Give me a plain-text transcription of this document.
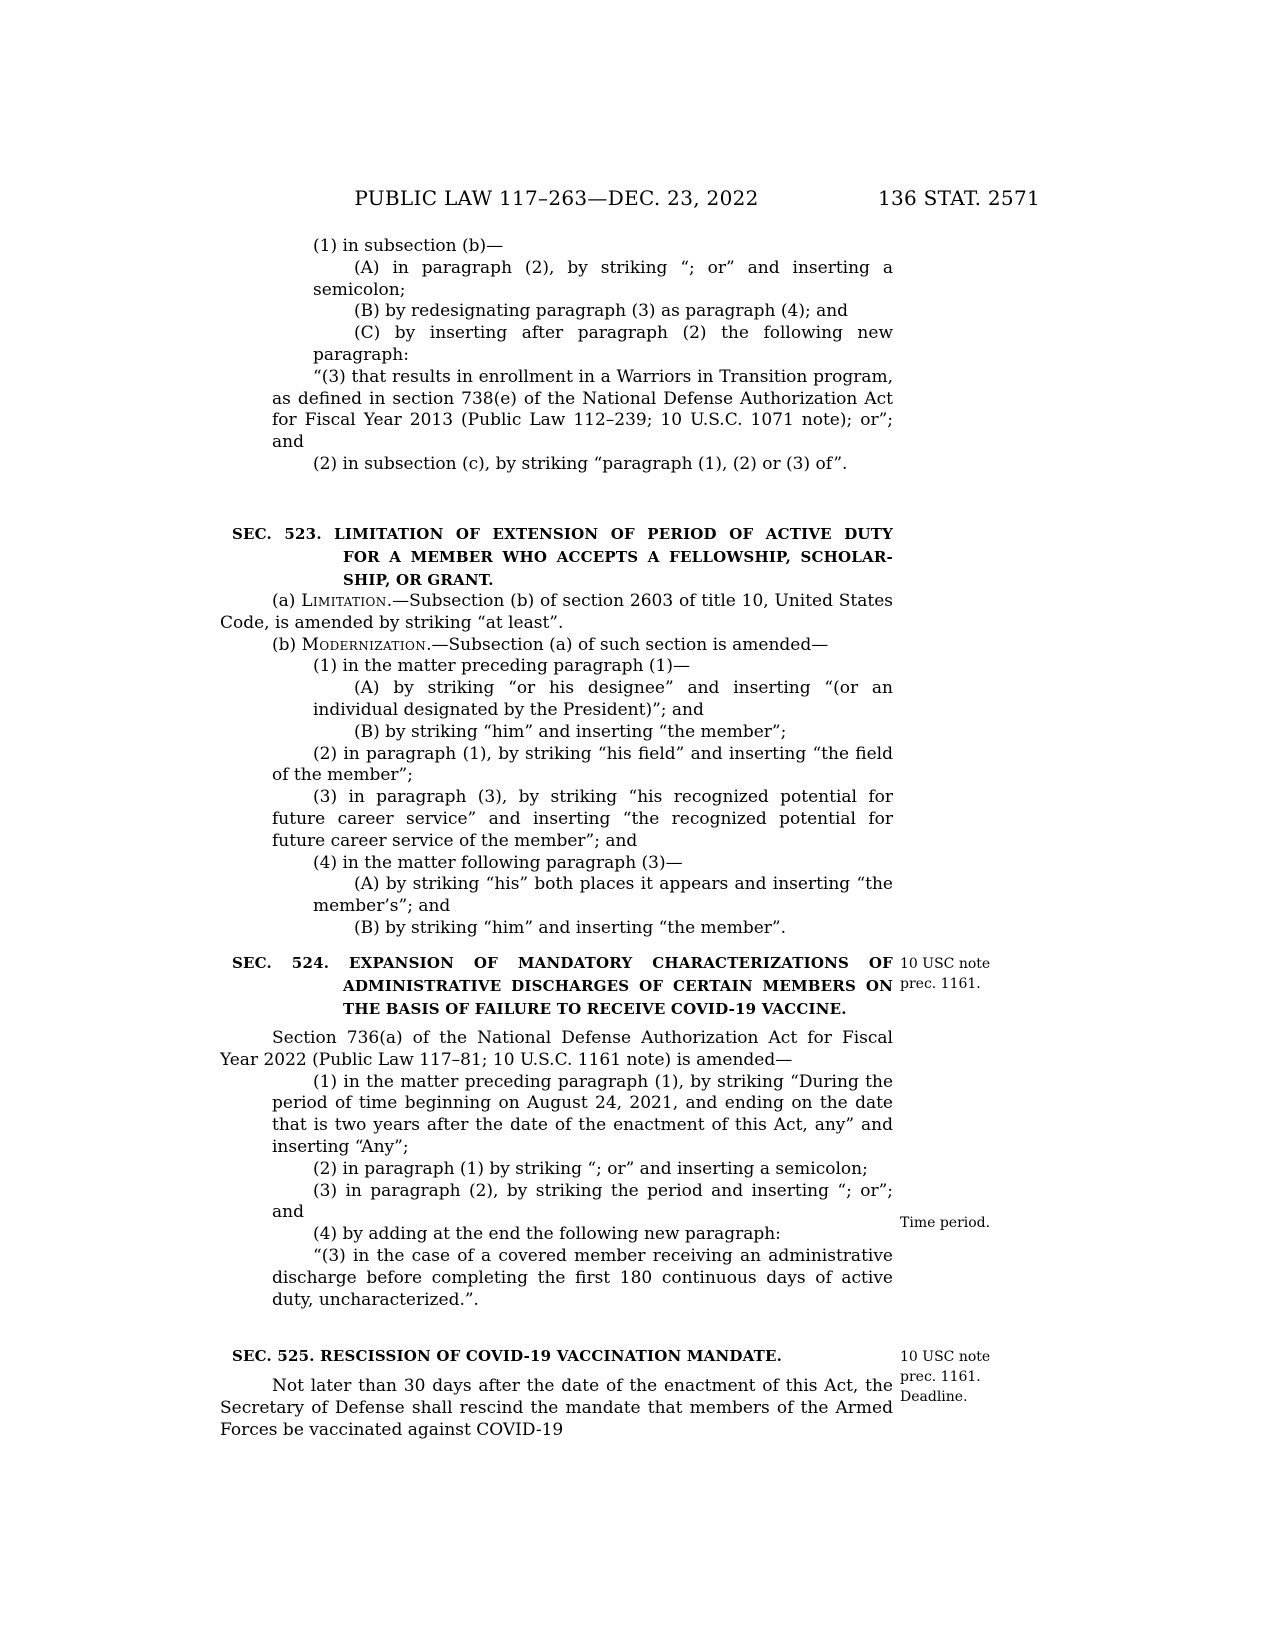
PUBLIC LAW 117–263—DEC. 23, 2022	136 STAT. 2571

(1) in subsection (b)—

(A) in paragraph (2), by striking “; or” and inserting a semicolon;

(B) by redesignating paragraph (3) as paragraph (4); and

(C) by inserting after paragraph (2) the following new paragraph:

“(3) that results in enrollment in a Warriors in Transition program, as defined in section 738(e) of the National Defense Authorization Act for Fiscal Year 2013 (Public Law 112–239; 10 U.S.C. 1071 note); or”; and

(2) in subsection (c), by striking “paragraph (1), (2) or (3) of”.

SEC. 523. LIMITATION OF EXTENSION OF PERIOD OF ACTIVE DUTY
FOR A MEMBER WHO ACCEPTS A FELLOWSHIP, SCHOLAR-
SHIP, OR GRANT.

(a) Limitation.—Subsection (b) of section 2603 of title 10, United States Code, is amended by striking “at least”.

(b) Modernization.—Subsection (a) of such section is amended—

(1) in the matter preceding paragraph (1)—

(A) by striking “or his designee” and inserting “(or an individual designated by the President)”; and

(B) by striking “him” and inserting “the member”;

(2) in paragraph (1), by striking “his field” and inserting “the field of the member”;

(3) in paragraph (3), by striking “his recognized potential for future career service” and inserting “the recognized potential for future career service of the member”; and

(4) in the matter following paragraph (3)—

(A) by striking “his” both places it appears and inserting “the member’s”; and

(B) by striking “him” and inserting “the member”.

SEC. 524. EXPANSION OF MANDATORY CHARACTERIZATIONS OF
ADMINISTRATIVE DISCHARGES OF CERTAIN MEMBERS ON
THE BASIS OF FAILURE TO RECEIVE COVID-19 VACCINE.

Section 736(a) of the National Defense Authorization Act for Fiscal Year 2022 (Public Law 117–81; 10 U.S.C. 1161 note) is amended—

(1) in the matter preceding paragraph (1), by striking “During the period of time beginning on August 24, 2021, and ending on the date that is two years after the date of the enactment of this Act, any” and inserting “Any”;

(2) in paragraph (1) by striking “; or” and inserting a semicolon;

(3) in paragraph (2), by striking the period and inserting “; or”; and

(4) by adding at the end the following new paragraph:

“(3) in the case of a covered member receiving an administrative discharge before completing the first 180 continuous days of active duty, uncharacterized.”.

SEC. 525. RESCISSION OF COVID-19 VACCINATION MANDATE.

Not later than 30 days after the date of the enactment of this Act, the Secretary of Defense shall rescind the mandate that members of the Armed Forces be vaccinated against COVID-19

10 USC note
prec. 1161.
Time period.
10 USC note
prec. 1161.
Deadline.
